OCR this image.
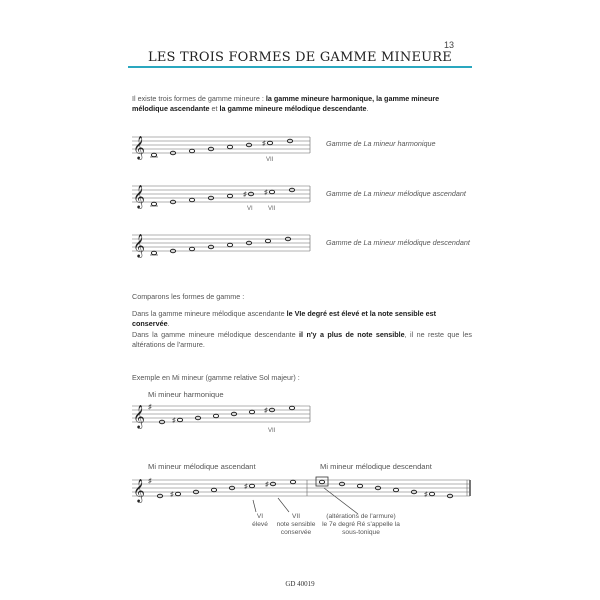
13
LES TROIS FORMES DE GAMME MINEURE
Il existe trois formes de gamme mineure : la gamme mineure harmonique, la gamme mineure mélodique ascendante et la gamme mineure mélodique descendante.
𝄞	♯
VII
Gamme de La mineur harmonique
𝄞	♯	♯
VI	VII
Gamme de La mineur mélodique ascendant
𝄞	Gamme de La mineur mélodique descendant
Comparons les formes de gamme :
Dans la gamme mineure mélodique ascendante le VIe degré est élevé et la note sensible est conservée.
Dans la gamme mineure mélodique descendante il n'y a plus de note sensible, il ne reste que les altérations de l'armure.
Exemple en Mi mineur (gamme relative Sol majeur) :
Mi mineur harmonique
𝄞 ♯
♯
♯
VII
Mi mineur mélodique ascendant	Mi mineur mélodique descendant
𝄞 ♯
♯
♯	♯
♯
VI
élevé
VII
note sensible
conservée
(altérations de l'armure)
le 7e degré Ré s'appelle la
sous-tonique
GD 40019
